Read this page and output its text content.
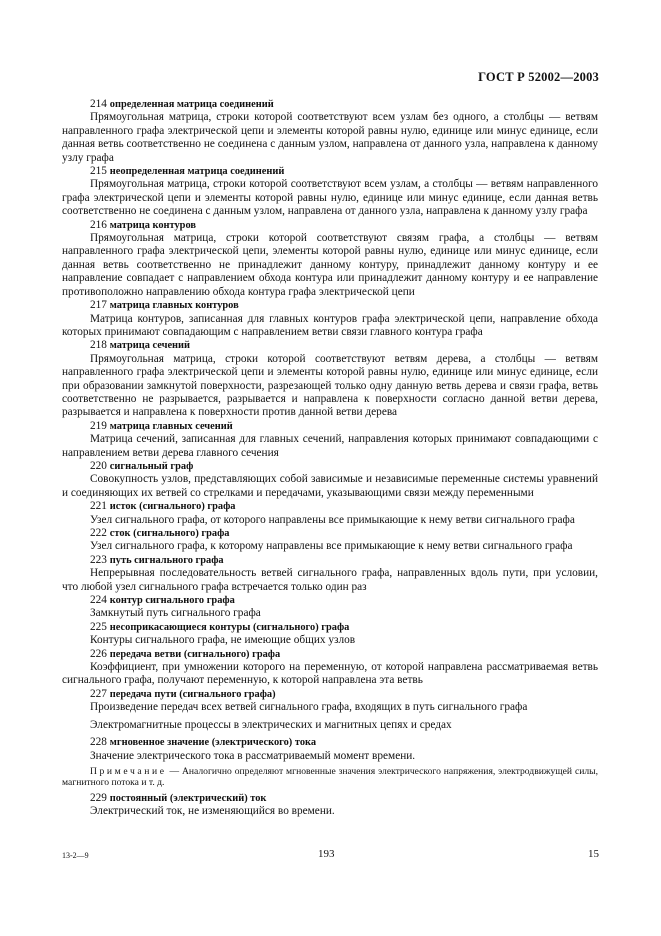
ГОСТ Р 52002—2003

214 определенная матрица соединений

Прямоугольная матрица, строки которой соответствуют всем узлам без одного, а столбцы — ветвям направленного графа электрической цепи и элементы которой равны нулю, единице или минус единице, если данная ветвь соответственно не соединена с данным узлом, направлена от данного узла, направлена к данному узлу графа

215 неопределенная матрица соединений

Прямоугольная матрица, строки которой соответствуют всем узлам, а столбцы — ветвям направленного графа электрической цепи и элементы которой равны нулю, единице или минус единице, если данная ветвь соответственно не соединена с данным узлом, направлена от данного узла, направлена к данному узлу графа

216 матрица контуров

Прямоугольная матрица, строки которой соответствуют связям графа, а столбцы — ветвям направленного графа электрической цепи, элементы которой равны нулю, единице или минус единице, если данная ветвь соответственно не принадлежит данному контуру, принадлежит данному контуру и ее направление совпадает с направлением обхода контура или принадлежит данному контуру и ее направление противоположно направлению обхода контура графа электрической цепи

217 матрица главных контуров

Матрица контуров, записанная для главных контуров графа электрической цепи, направление обхода которых принимают совпадающим с направлением ветви связи главного контура графа

218 матрица сечений

Прямоугольная матрица, строки которой соответствуют ветвям дерева, а столбцы — ветвям направленного графа электрической цепи и элементы которой равны нулю, единице или минус единице, если при образовании замкнутой поверхности, разрезающей только одну данную ветвь дерева и связи графа, ветвь соответственно не разрывается, разрывается и направлена к поверхности согласно данной ветви дерева, разрывается и направлена к поверхности против данной ветви дерева

219 матрица главных сечений

Матрица сечений, записанная для главных сечений, направления которых принимают совпадающими с направлением ветви дерева главного сечения

220 сигнальный граф

Совокупность узлов, представляющих собой зависимые и независимые переменные системы уравнений и соединяющих их ветвей со стрелками и передачами, указывающими связи между переменными

221 исток (сигнального) графа

Узел сигнального графа, от которого направлены все примыкающие к нему ветви сигнального графа

222 сток (сигнального) графа

Узел сигнального графа, к которому направлены все примыкающие к нему ветви сигнального графа

223 путь сигнального графа

Непрерывная последовательность ветвей сигнального графа, направленных вдоль пути, при условии, что любой узел сигнального графа встречается только один раз

224 контур сигнального графа

Замкнутый путь сигнального графа

225 несоприкасающиеся контуры (сигнального) графа

Контуры сигнального графа, не имеющие общих узлов

226 передача ветви (сигнального) графа

Коэффициент, при умножении которого на переменную, от которой направлена рассматриваемая ветвь сигнального графа, получают переменную, к которой направлена эта ветвь

227 передача пути (сигнального графа)

Произведение передач всех ветвей сигнального графа, входящих в путь сигнального графа

Электромагнитные процессы в электрических и магнитных цепях и средах

228 мгновенное значение (электрического) тока

Значение электрического тока в рассматриваемый момент времени.

Примечание — Аналогично определяют мгновенные значения электрического напряжения, электродвижущей силы, магнитного потока и т. д.

229 постоянный (электрический) ток

Электрический ток, не изменяющийся во времени.

13-2—9	193	15
